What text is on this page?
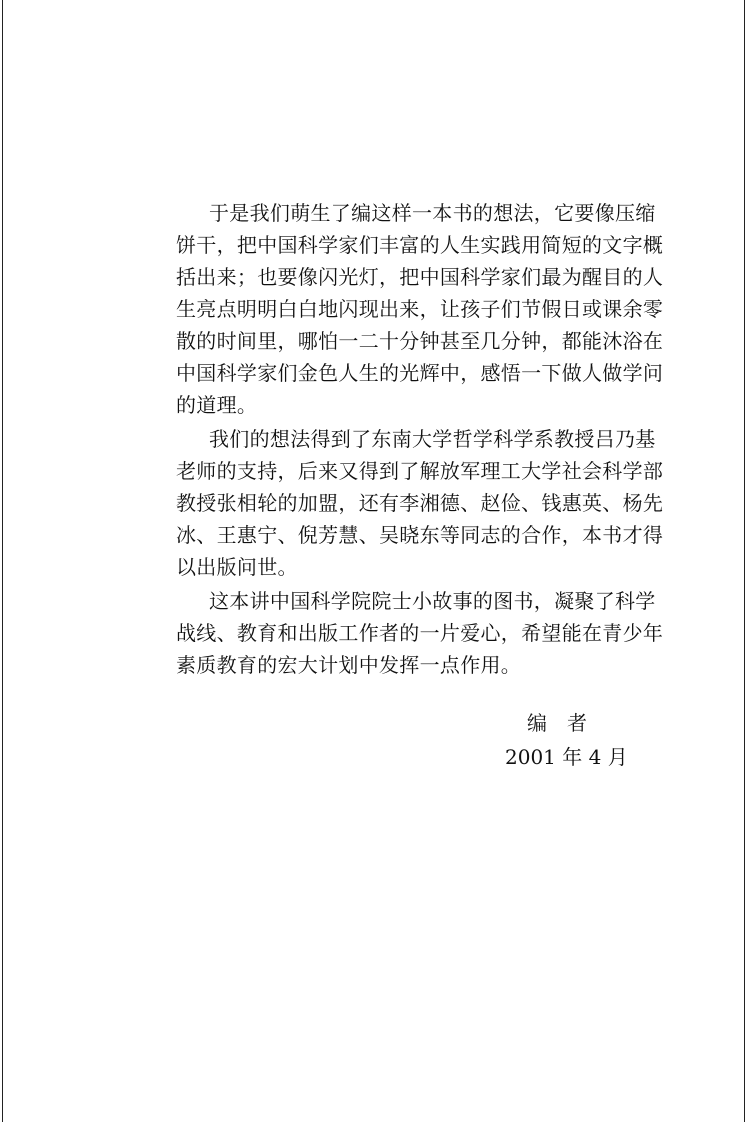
于是我们萌生了编这样一本书的想法，它要像压缩
饼干，把中国科学家们丰富的人生实践用简短的文字概
括出来；也要像闪光灯，把中国科学家们最为醒目的人
生亮点明明白白地闪现出来，让孩子们节假日或课余零
散的时间里，哪怕一二十分钟甚至几分钟，都能沐浴在
中国科学家们金色人生的光辉中，感悟一下做人做学问
的道理。
我们的想法得到了东南大学哲学科学系教授吕乃基
老师的支持，后来又得到了解放军理工大学社会科学部
教授张相轮的加盟，还有李湘德、赵俭、钱惠英、杨先
冰、王惠宁、倪芳慧、吴晓东等同志的合作，本书才得
以出版问世。
这本讲中国科学院院士小故事的图书，凝聚了科学
战线、教育和出版工作者的一片爱心，希望能在青少年
素质教育的宏大计划中发挥一点作用。
编　者
2001 年 4 月
